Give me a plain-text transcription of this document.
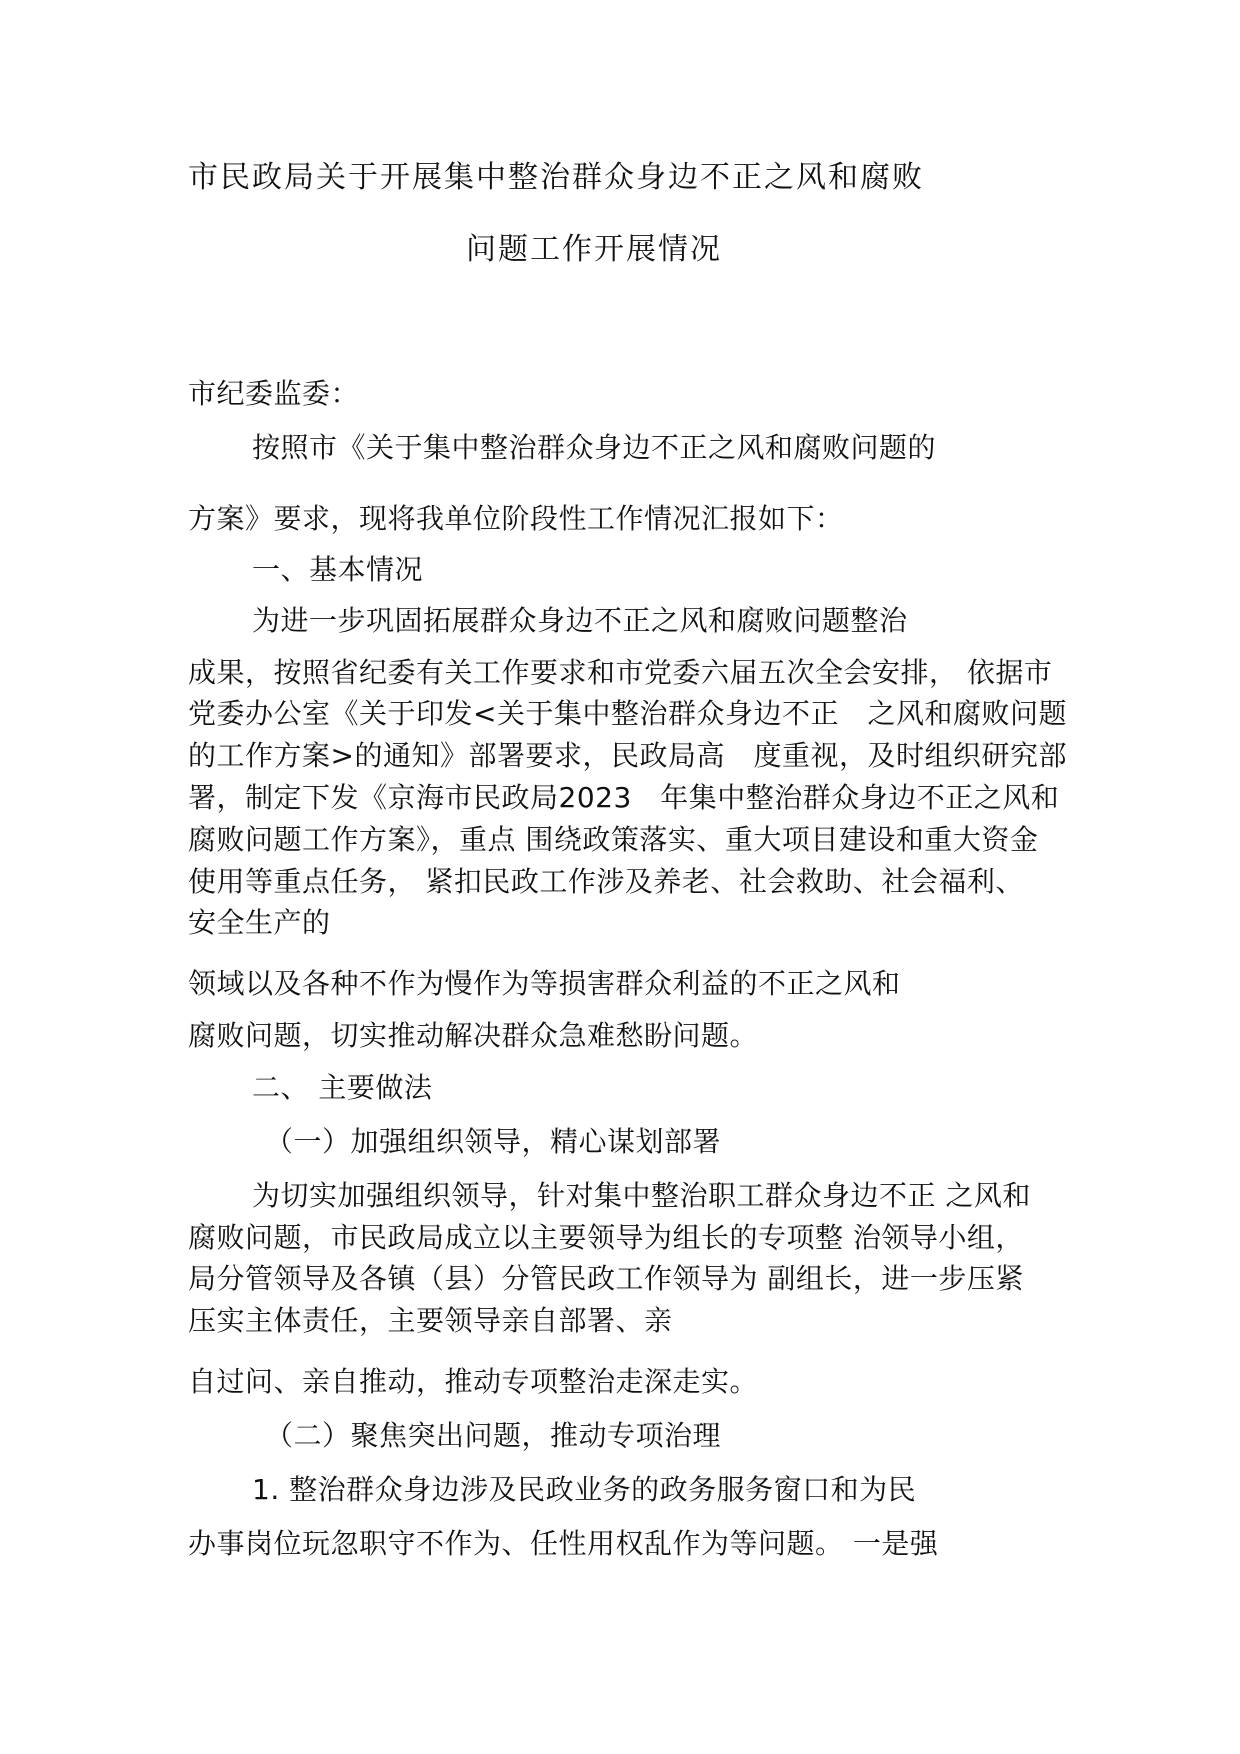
市民政局关于开展集中整治群众身边不正之风和腐败
问题工作开展情况
市纪委监委：
按照市《关于集中整治群众身边不正之风和腐败问题的
方案》要求，现将我单位阶段性工作情况汇报如下：
一、基本情况
为进一步巩固拓展群众身边不正之风和腐败问题整治
成果，按照省纪委有关工作要求和市党委六届五次全会安排， 依据市
党委办公室《关于印发<关于集中整治群众身边不正　之风和腐败问题
的工作方案>的通知》部署要求，民政局高　度重视，及时组织研究部
署，制定下发《京海市民政局2023　年集中整治群众身边不正之风和
腐败问题工作方案》，重点 围绕政策落实、重大项目建设和重大资金
使用等重点任务， 紧扣民政工作涉及养老、社会救助、社会福利、
安全生产的
领域以及各种不作为慢作为等损害群众利益的不正之风和
腐败问题，切实推动解决群众急难愁盼问题。
二、 主要做法
（一）加强组织领导，精心谋划部署
为切实加强组织领导，针对集中整治职工群众身边不正 之风和
腐败问题，市民政局成立以主要领导为组长的专项整 治领导小组，
局分管领导及各镇（县）分管民政工作领导为 副组长，进一步压紧
压实主体责任，主要领导亲自部署、亲
自过问、亲自推动，推动专项整治走深走实。
（二）聚焦突出问题，推动专项治理
1. 整治群众身边涉及民政业务的政务服务窗口和为民
办事岗位玩忽职守不作为、任性用权乱作为等问题。 一是强
